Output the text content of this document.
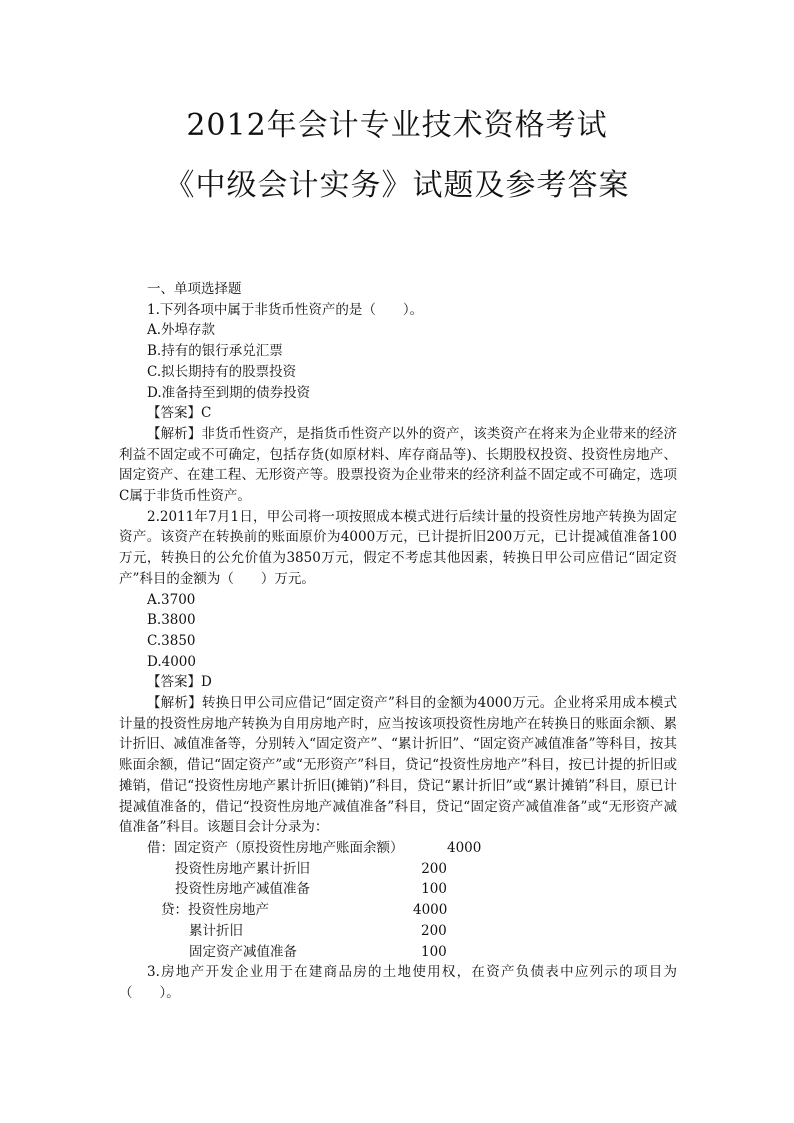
2012年会计专业技术资格考试
《中级会计实务》试题及参考答案

一、单项选择题

1.下列各项中属于非货币性资产的是（　　）。

A.外埠存款

B.持有的银行承兑汇票

C.拟长期持有的股票投资

D.准备持至到期的债券投资

【答案】C

【解析】非货币性资产，是指货币性资产以外的资产，该类资产在将来为企业带来的经济利益不固定或不可确定，包括存货(如原材料、库存商品等)、长期股权投资、投资性房地产、固定资产、在建工程、无形资产等。股票投资为企业带来的经济利益不固定或不可确定，选项C属于非货币性资产。

2.2011年7月1日，甲公司将一项按照成本模式进行后续计量的投资性房地产转换为固定资产。该资产在转换前的账面原价为4000万元，已计提折旧200万元，已计提减值准备100万元，转换日的公允价值为3850万元，假定不考虑其他因素，转换日甲公司应借记“固定资产”科目的金额为（　　）万元。

A.3700

B.3800

C.3850

D.4000

【答案】D

【解析】转换日甲公司应借记“固定资产”科目的金额为4000万元。企业将采用成本模式计量的投资性房地产转换为自用房地产时，应当按该项投资性房地产在转换日的账面余额、累计折旧、减值准备等，分别转入“固定资产”、“累计折旧”、“固定资产减值准备”等科目，按其账面余额，借记“固定资产”或“无形资产”科目，贷记“投资性房地产”科目，按已计提的折旧或摊销，借记“投资性房地产累计折旧(摊销)”科目，贷记“累计折旧”或“累计摊销”科目，原已计提减值准备的，借记“投资性房地产减值准备”科目，贷记“固定资产减值准备”或“无形资产减值准备”科目。该题目会计分录为：

借：固定资产（原投资性房地产账面余额）	4000
投资性房地产累计折旧	200
投资性房地产减值准备	100
贷：投资性房地产	4000
累计折旧	200
固定资产减值准备	100

3.房地产开发企业用于在建商品房的土地使用权，在资产负债表中应列示的项目为（　　）。
